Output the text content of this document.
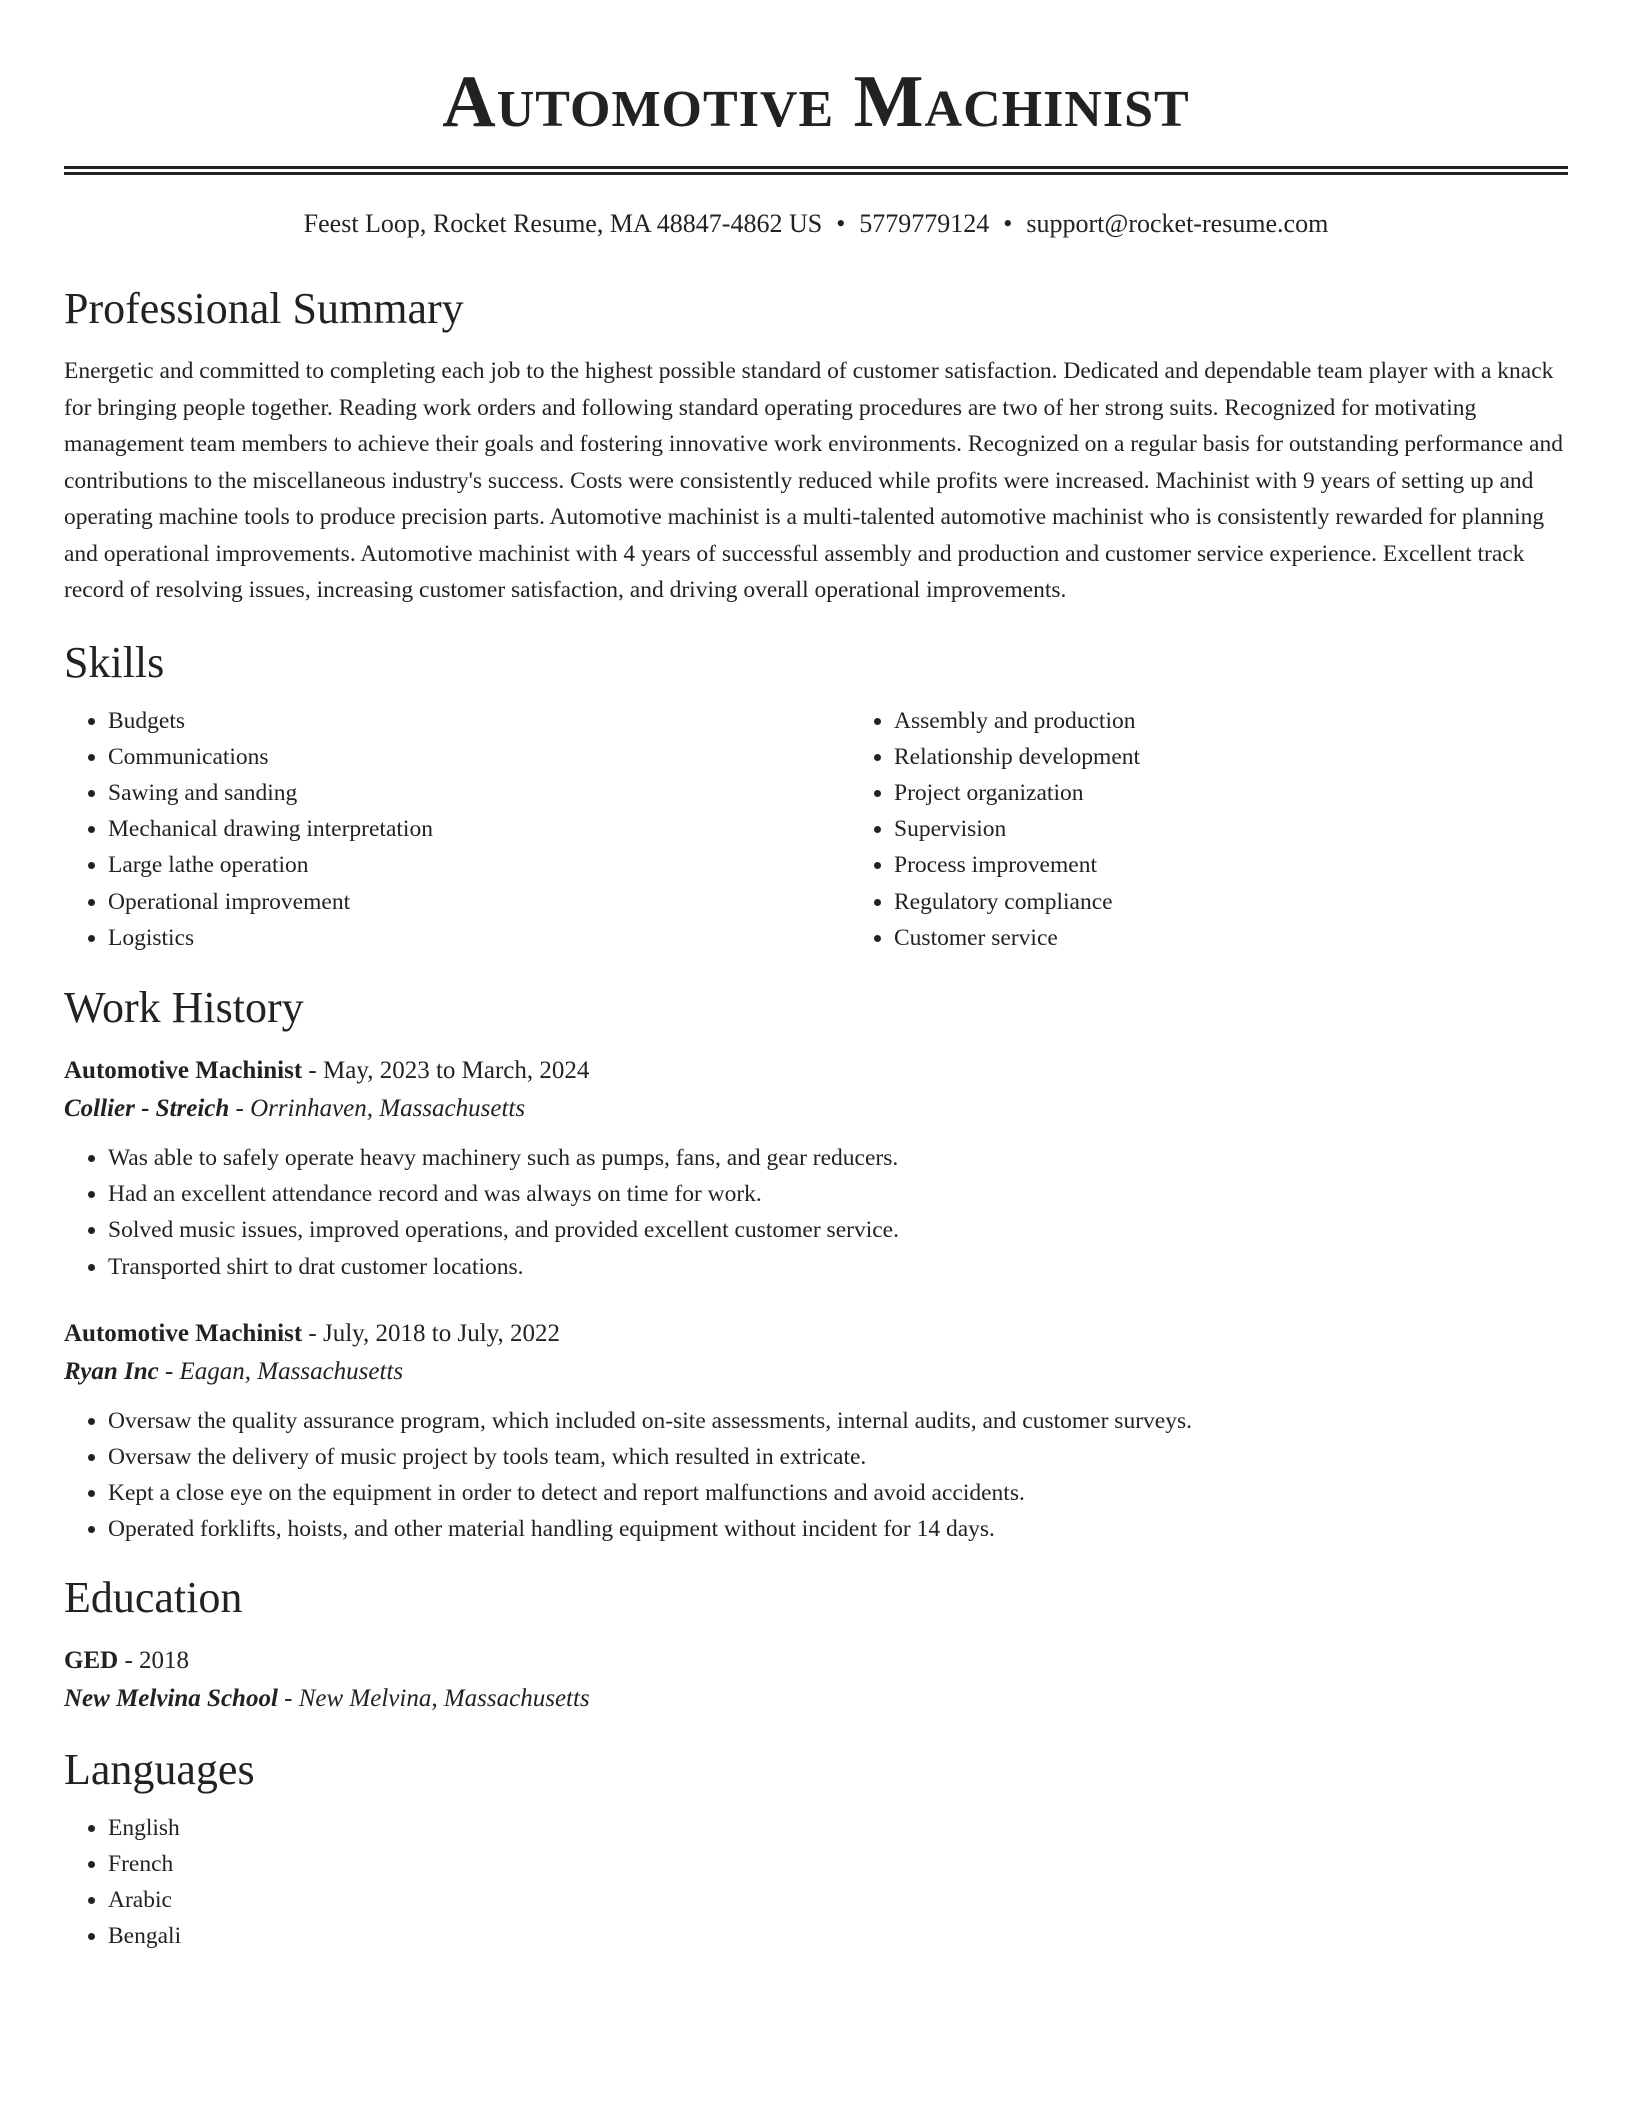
Automotive Machinist
Feest Loop, Rocket Resume, MA 48847-4862 US • 5779779124 • support@rocket-resume.com
Professional Summary
Energetic and committed to completing each job to the highest possible standard of customer satisfaction. Dedicated and dependable team player with a knack for bringing people together. Reading work orders and following standard operating procedures are two of her strong suits. Recognized for motivating management team members to achieve their goals and fostering innovative work environments. Recognized on a regular basis for outstanding performance and contributions to the miscellaneous industry's success. Costs were consistently reduced while profits were increased. Machinist with 9 years of setting up and operating machine tools to produce precision parts. Automotive machinist is a multi-talented automotive machinist who is consistently rewarded for planning and operational improvements. Automotive machinist with 4 years of successful assembly and production and customer service experience. Excellent track record of resolving issues, increasing customer satisfaction, and driving overall operational improvements.
Skills
• Budgets
• Communications
• Sawing and sanding
• Mechanical drawing interpretation
• Large lathe operation
• Operational improvement
• Logistics
• Assembly and production
• Relationship development
• Project organization
• Supervision
• Process improvement
• Regulatory compliance
• Customer service
Work History
Automotive Machinist - May, 2023 to March, 2024
Collier - Streich - Orrinhaven, Massachusetts
• Was able to safely operate heavy machinery such as pumps, fans, and gear reducers.
• Had an excellent attendance record and was always on time for work.
• Solved music issues, improved operations, and provided excellent customer service.
• Transported shirt to drat customer locations.
Automotive Machinist - July, 2018 to July, 2022
Ryan Inc - Eagan, Massachusetts
• Oversaw the quality assurance program, which included on-site assessments, internal audits, and customer surveys.
• Oversaw the delivery of music project by tools team, which resulted in extricate.
• Kept a close eye on the equipment in order to detect and report malfunctions and avoid accidents.
• Operated forklifts, hoists, and other material handling equipment without incident for 14 days.
Education
GED - 2018
New Melvina School - New Melvina, Massachusetts
Languages
• English
• French
• Arabic
• Bengali
